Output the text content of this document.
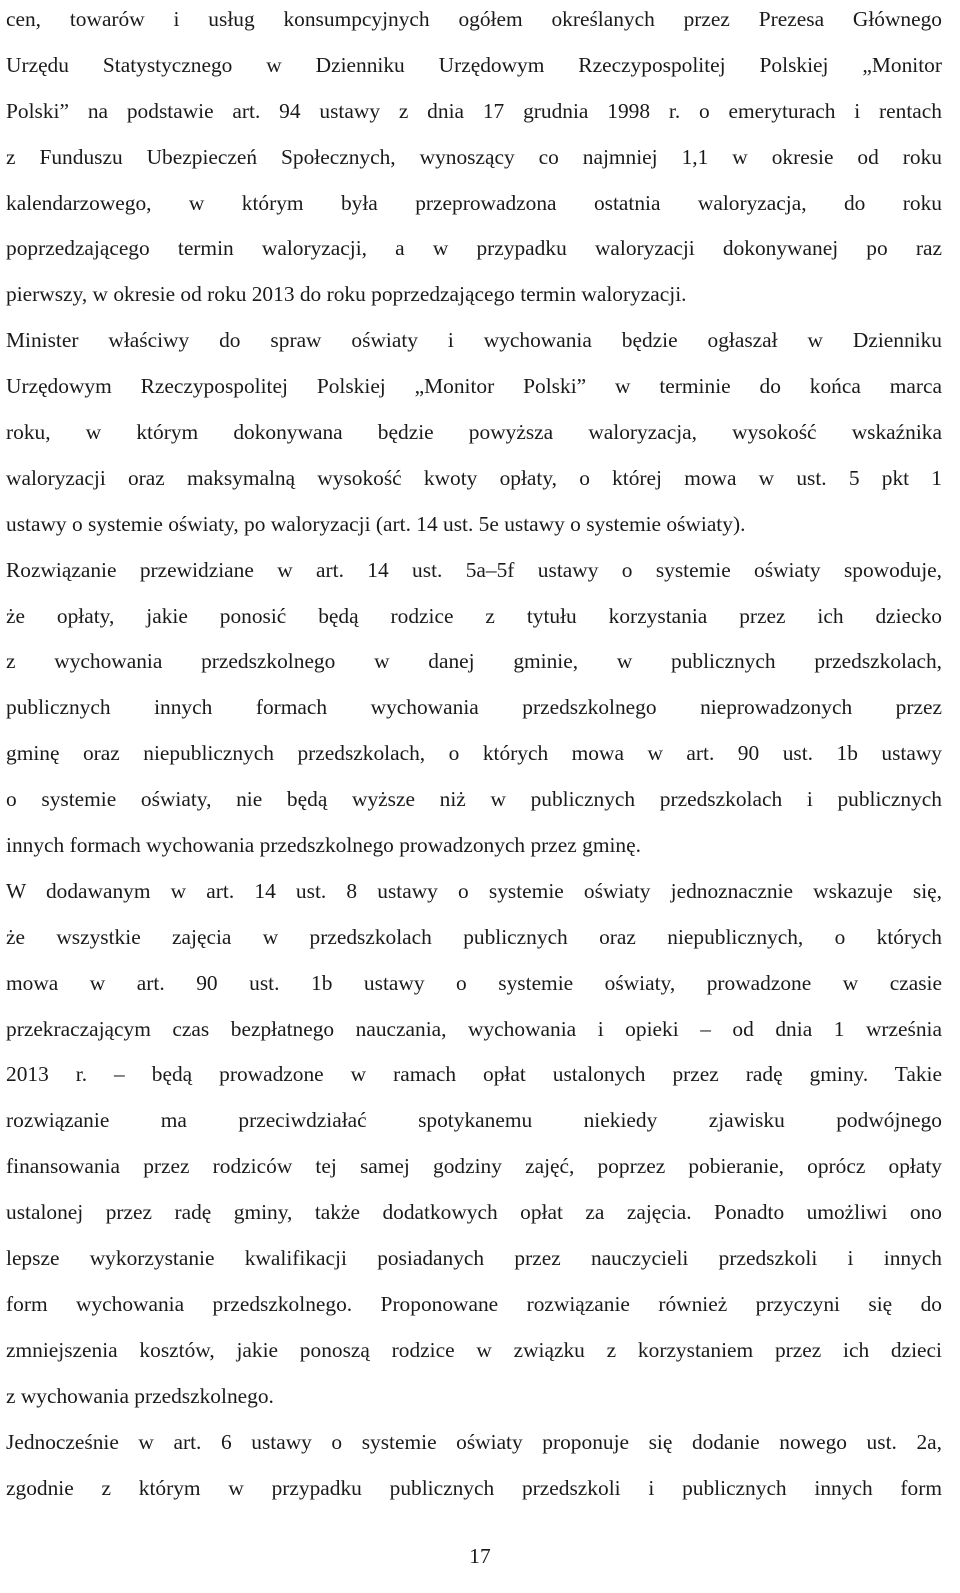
cen, towarów i usług konsumpcyjnych ogółem określanych przez Prezesa Głównego
Urzędu Statystycznego w Dzienniku Urzędowym Rzeczypospolitej Polskiej „Monitor
Polski” na podstawie art. 94 ustawy z dnia 17 grudnia 1998 r. o emeryturach i rentach
z Funduszu Ubezpieczeń Społecznych, wynoszący co najmniej 1,1 w okresie od roku
kalendarzowego, w którym była przeprowadzona ostatnia waloryzacja, do roku
poprzedzającego termin waloryzacji, a w przypadku waloryzacji dokonywanej po raz
pierwszy, w okresie od roku 2013 do roku poprzedzającego termin waloryzacji.
Minister właściwy do spraw oświaty i wychowania będzie ogłaszał w Dzienniku
Urzędowym Rzeczypospolitej Polskiej „Monitor Polski” w terminie do końca marca
roku, w którym dokonywana będzie powyższa waloryzacja, wysokość wskaźnika
waloryzacji oraz maksymalną wysokość kwoty opłaty, o której mowa w ust. 5 pkt 1
ustawy o systemie oświaty, po waloryzacji (art. 14 ust. 5e ustawy o systemie oświaty).
Rozwiązanie przewidziane w art. 14 ust. 5a–5f ustawy o systemie oświaty spowoduje,
że opłaty, jakie ponosić będą rodzice z tytułu korzystania przez ich dziecko
z wychowania przedszkolnego w danej gminie, w publicznych przedszkolach,
publicznych innych formach wychowania przedszkolnego nieprowadzonych przez
gminę oraz niepublicznych przedszkolach, o których mowa w art. 90 ust. 1b ustawy
o systemie oświaty, nie będą wyższe niż w publicznych przedszkolach i publicznych
innych formach wychowania przedszkolnego prowadzonych przez gminę.
W dodawanym w art. 14 ust. 8 ustawy o systemie oświaty jednoznacznie wskazuje się,
że wszystkie zajęcia w przedszkolach publicznych oraz niepublicznych, o których
mowa w art. 90 ust. 1b ustawy o systemie oświaty, prowadzone w czasie
przekraczającym czas bezpłatnego nauczania, wychowania i opieki – od dnia 1 września
2013 r. – będą prowadzone w ramach opłat ustalonych przez radę gminy. Takie
rozwiązanie ma przeciwdziałać spotykanemu niekiedy zjawisku podwójnego
finansowania przez rodziców tej samej godziny zajęć, poprzez pobieranie, oprócz opłaty
ustalonej przez radę gminy, także dodatkowych opłat za zajęcia. Ponadto umożliwi ono
lepsze wykorzystanie kwalifikacji posiadanych przez nauczycieli przedszkoli i innych
form wychowania przedszkolnego. Proponowane rozwiązanie również przyczyni się do
zmniejszenia kosztów, jakie ponoszą rodzice w związku z korzystaniem przez ich dzieci
z wychowania przedszkolnego.
Jednocześnie w art. 6 ustawy o systemie oświaty proponuje się dodanie nowego ust. 2a,
zgodnie z którym w przypadku publicznych przedszkoli i publicznych innych form
17
